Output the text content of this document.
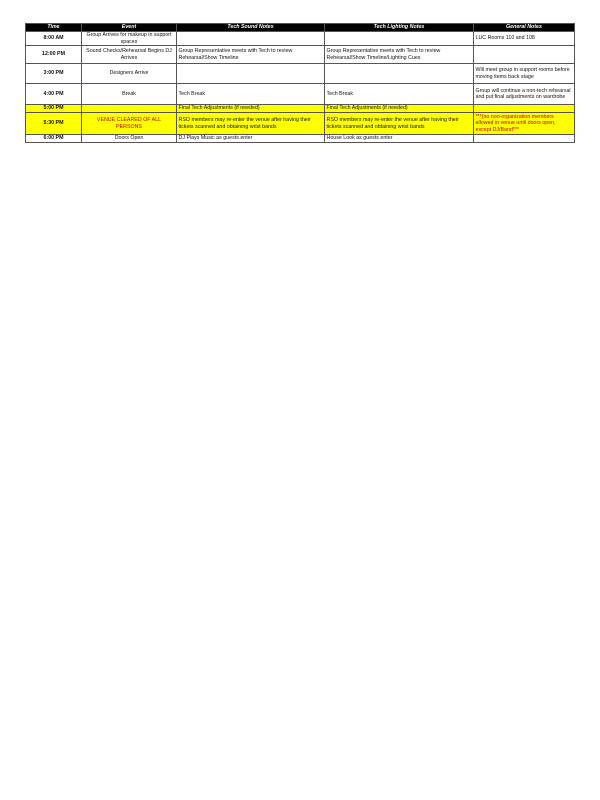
Time	Event	Tech Sound Notes	Tech Lighting Notes	General Notes
8:00 AM	Group Arrives for makeup in support spaces			LUC Rooms 110 and 108
12:00 PM	Sound Checks/Rehearsal Begins DJ Arrives	Group Representative meets with Tech to review Rehearsal/Show Timeline	Group Representative meets with Tech to review Rehearsal/Show Timeline/Lighting Cues	
3:00 PM	Designers Arrive			Will meet group in support rooms before moving items back stage
4:00 PM	Break	Tech Break	Tech Break	Group will continue a non-tech rehearsal and put final adjustments on wardrobe
5:00 PM		Final Tech Adjustments (if needed)	Final Tech Adjustments (if needed)	
5:30 PM	VENUE CLEARED OF ALL PERSONS	RSO members may re-enter the venue after having their tickets scanned and obtaining wrist bands	RSO members may re-enter the venue after having their tickets scanned and obtaining wrist bands	***(no non-organization members allowed in venue until doors open, except DJ/Band***
6:00 PM	Doors Open	DJ Plays Music as guests enter	House Look as guests enter	
